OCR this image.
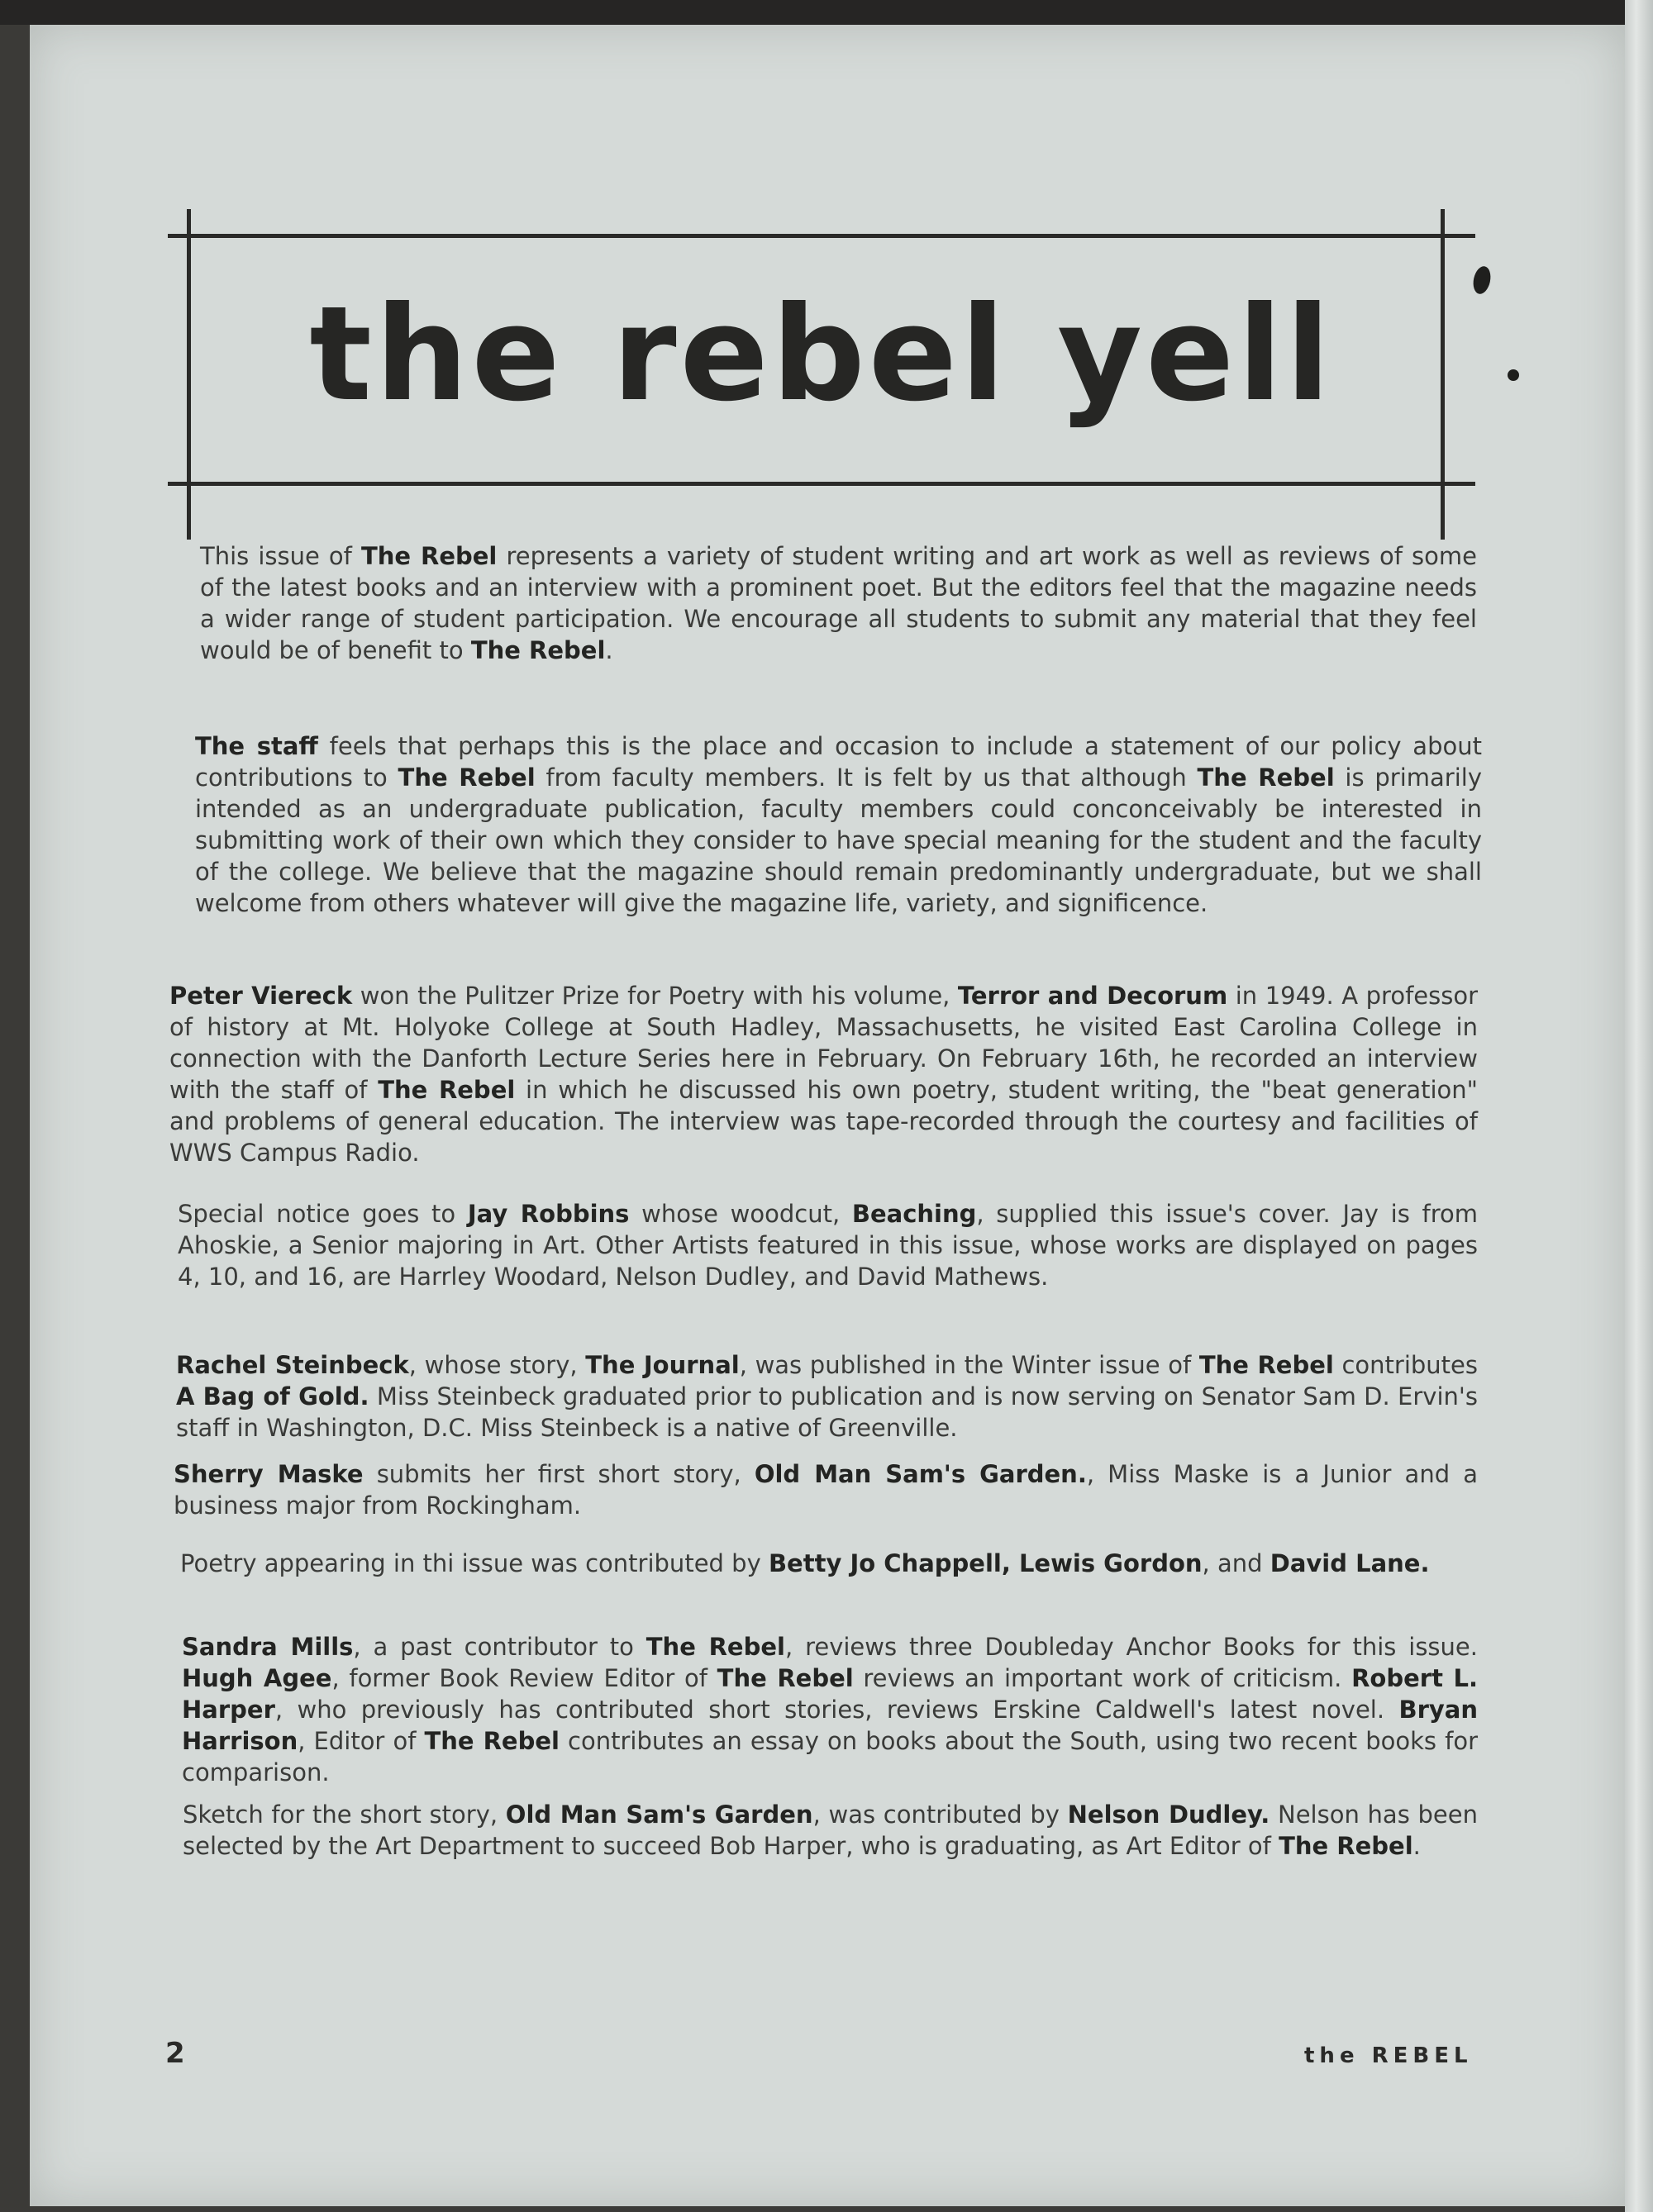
the rebel yell

This issue of The Rebel represents a variety of student writing and art work as well as reviews of some of the latest books and an interview with a prominent poet. But the editors feel that the magazine needs a wider range of student participation. We encourage all students to submit any material that they feel would be of benefit to The Rebel.

The staff feels that perhaps this is the place and occasion to include a statement of our policy about contributions to The Rebel from faculty members. It is felt by us that although The Rebel is primarily intended as an undergraduate publication, faculty members could conconceivably be interested in submitting work of their own which they consider to have special meaning for the student and the faculty of the college. We believe that the magazine should remain predominantly undergraduate, but we shall welcome from others whatever will give the magazine life, variety, and significence.

Peter Viereck won the Pulitzer Prize for Poetry with his volume, Terror and Decorum in 1949. A professor of history at Mt. Holyoke College at South Hadley, Massachusetts, he visited East Carolina College in connection with the Danforth Lecture Series here in February. On February 16th, he recorded an interview with the staff of The Rebel in which he discussed his own poetry, student writing, the "beat generation" and problems of general education. The interview was tape-recorded through the courtesy and facilities of WWS Campus Radio.

Special notice goes to Jay Robbins whose woodcut, Beaching, supplied this issue's cover. Jay is from Ahoskie, a Senior majoring in Art. Other Artists featured in this issue, whose works are displayed on pages 4, 10, and 16, are Harrley Woodard, Nelson Dudley, and David Mathews.

Rachel Steinbeck, whose story, The Journal, was published in the Winter issue of The Rebel contributes A Bag of Gold. Miss Steinbeck graduated prior to publication and is now serving on Senator Sam D. Ervin's staff in Washington, D.C. Miss Steinbeck is a native of Greenville.

Sherry Maske submits her first short story, Old Man Sam's Garden., Miss Maske is a Junior and a business major from Rockingham.

Poetry appearing in thi issue was contributed by Betty Jo Chappell, Lewis Gordon, and David Lane.

Sandra Mills, a past contributor to The Rebel, reviews three Doubleday Anchor Books for this issue. Hugh Agee, former Book Review Editor of The Rebel reviews an important work of criticism. Robert L. Harper, who previously has contributed short stories, reviews Erskine Caldwell's latest novel. Bryan Harrison, Editor of The Rebel contributes an essay on books about the South, using two recent books for comparison.

Sketch for the short story, Old Man Sam's Garden, was contributed by Nelson Dudley. Nelson has been selected by the Art Department to succeed Bob Harper, who is graduating, as Art Editor of The Rebel.

2	the REBEL
